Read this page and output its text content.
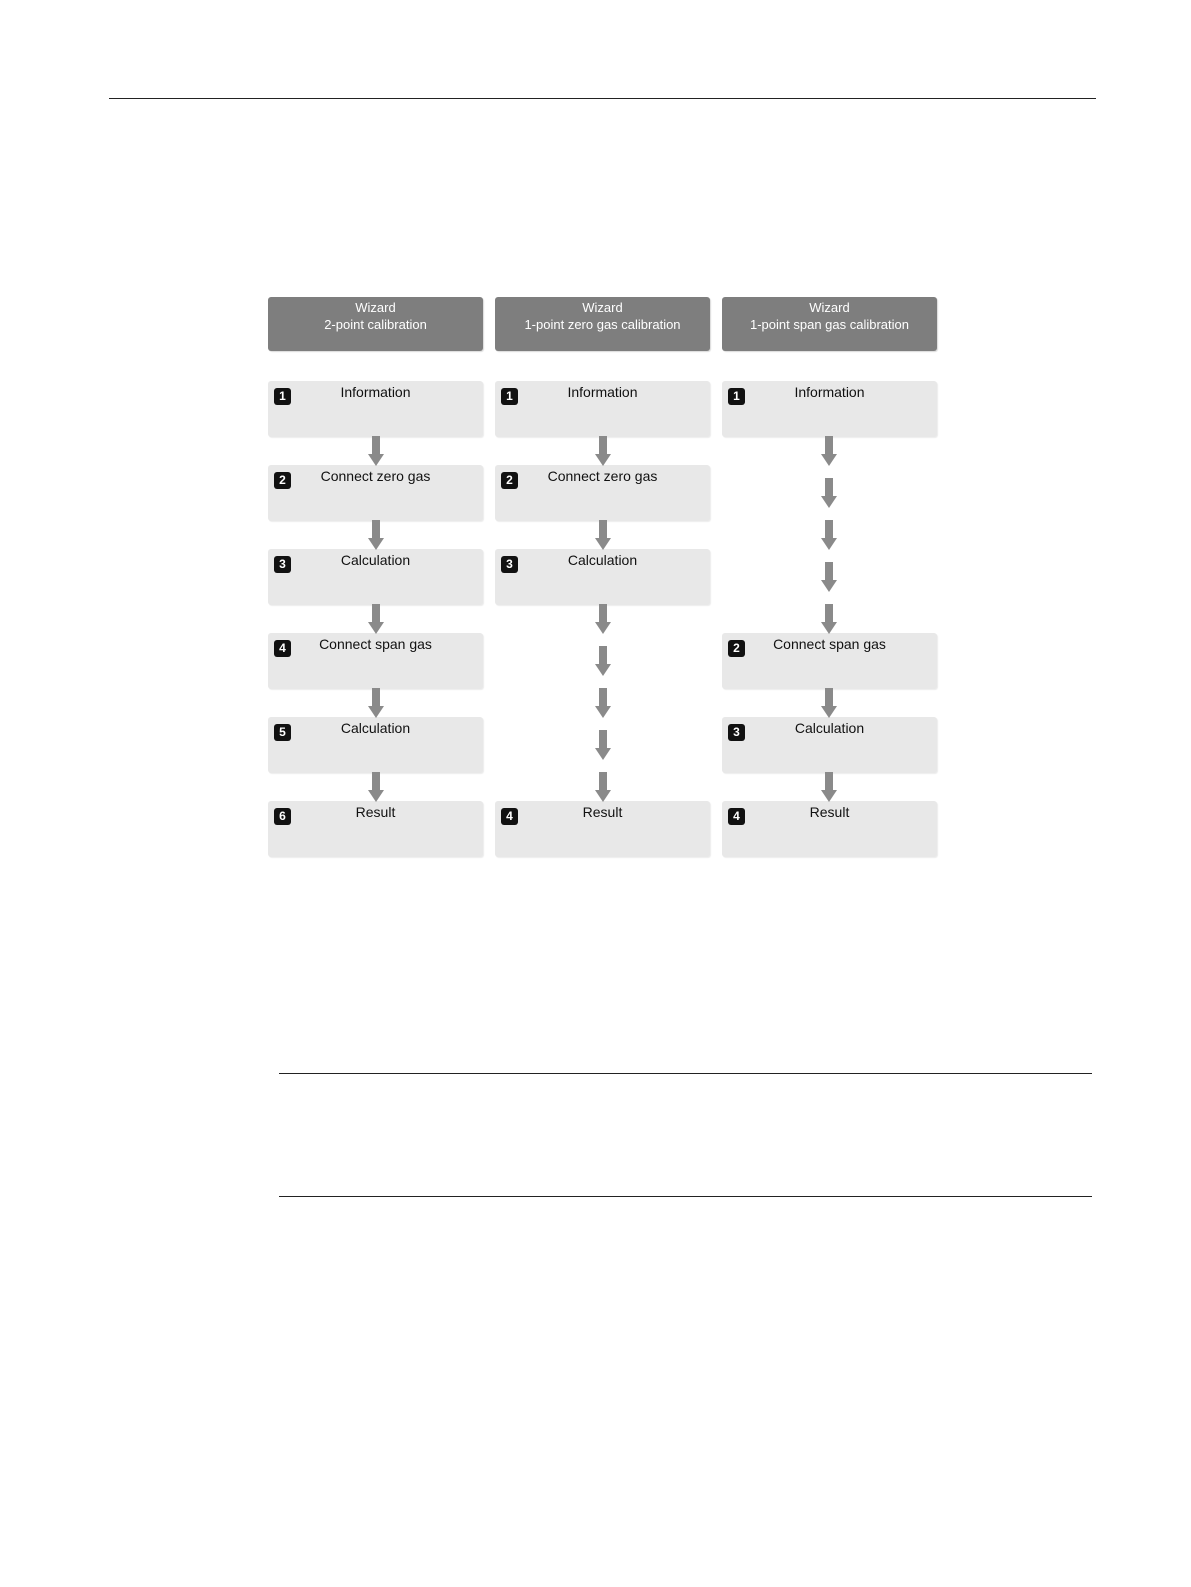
Wizard
2-point calibration
1	Information
2	Connect zero gas
3	Calculation
4	Connect span gas
5	Calculation
6	Result
Wizard
1-point zero gas calibration
1	Information
2	Connect zero gas
3	Calculation
4	Result
Wizard
1-point span gas calibration
1	Information
2	Connect span gas
3	Calculation
4	Result
